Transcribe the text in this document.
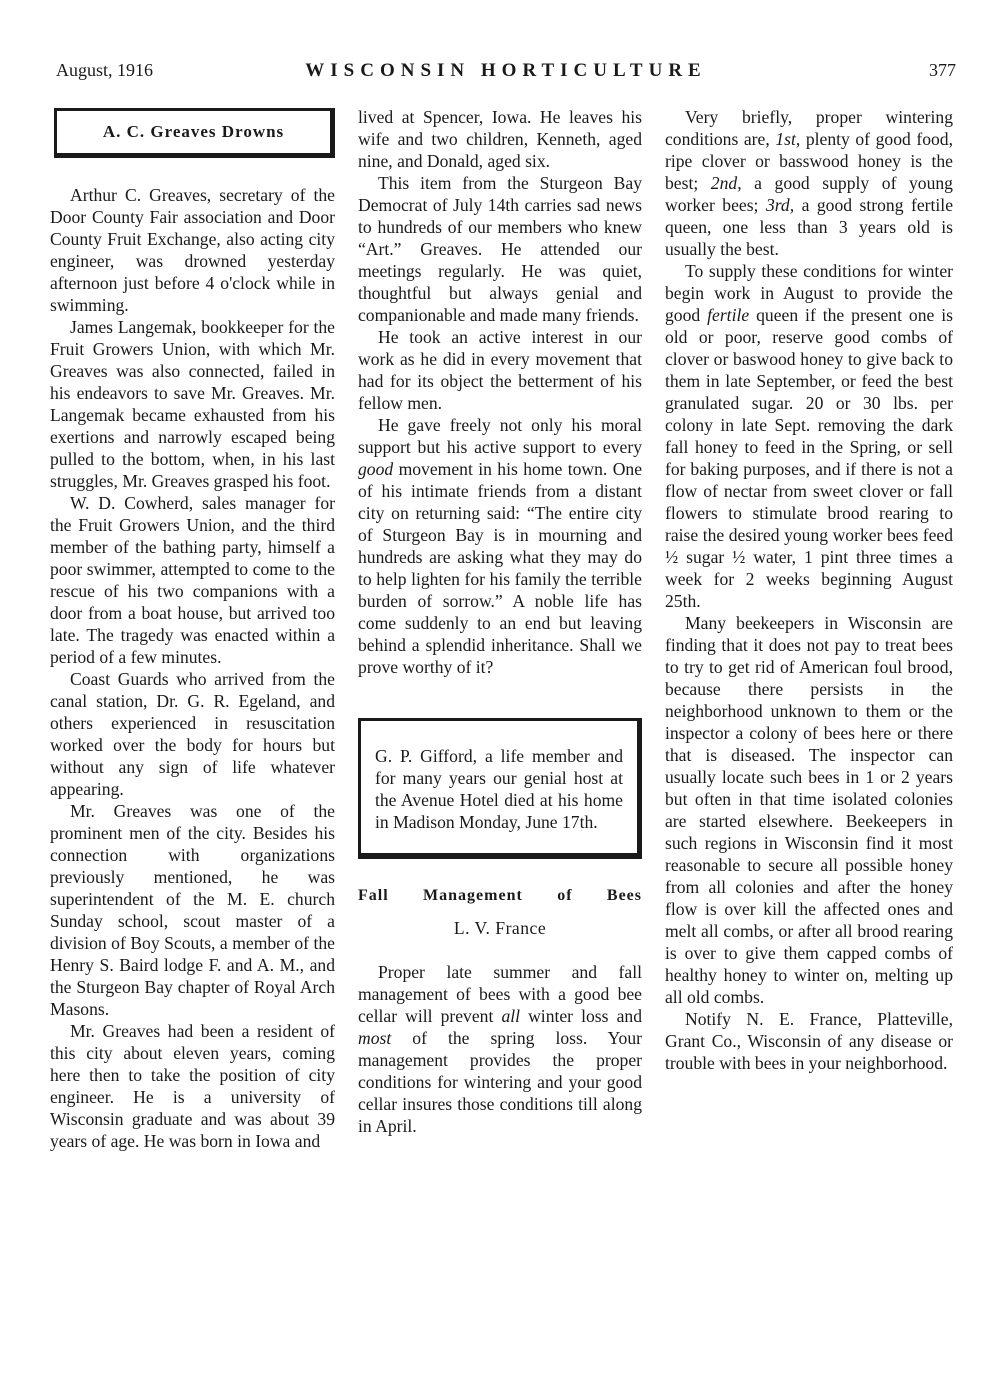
August, 1916	WISCONSIN HORTICULTURE	377
A. C. Greaves Drowns

Arthur C. Greaves, secretary of the Door County Fair association and Door County Fruit Exchange, also acting city engineer, was drowned yesterday afternoon just before 4 o'clock while in swimming.

James Langemak, bookkeeper for the Fruit Growers Union, with which Mr. Greaves was also connected, failed in his endeavors to save Mr. Greaves. Mr. Langemak became exhausted from his exertions and narrowly escaped being pulled to the bottom, when, in his last struggles, Mr. Greaves grasped his foot.

W. D. Cowherd, sales manager for the Fruit Growers Union, and the third member of the bathing party, himself a poor swimmer, attempted to come to the rescue of his two companions with a door from a boat house, but arrived too late. The tragedy was enacted within a period of a few minutes.

Coast Guards who arrived from the canal station, Dr. G. R. Egeland, and others experienced in resuscitation worked over the body for hours but without any sign of life whatever appearing.

Mr. Greaves was one of the prominent men of the city. Besides his connection with organizations previously mentioned, he was superintendent of the M. E. church Sunday school, scout master of a division of Boy Scouts, a member of the Henry S. Baird lodge F. and A. M., and the Sturgeon Bay chapter of Royal Arch Masons.

Mr. Greaves had been a resident of this city about eleven years, coming here then to take the position of city engineer. He is a university of Wisconsin graduate and was about 39 years of age. He was born in Iowa and

lived at Spencer, Iowa. He leaves his wife and two children, Kenneth, aged nine, and Donald, aged six.

This item from the Sturgeon Bay Democrat of July 14th carries sad news to hundreds of our members who knew “Art.” Greaves. He attended our meetings regularly. He was quiet, thoughtful but always genial and companionable and made many friends.

He took an active interest in our work as he did in every movement that had for its object the betterment of his fellow men.

He gave freely not only his moral support but his active support to every good movement in his home town. One of his intimate friends from a distant city on returning said: “The entire city of Sturgeon Bay is in mourning and hundreds are asking what they may do to help lighten for his family the terrible burden of sorrow.” A noble life has come suddenly to an end but leaving behind a splendid inheritance. Shall we prove worthy of it?

G. P. Gifford, a life member and for many years our genial host at the Avenue Hotel died at his home in Madison Monday, June 17th.

Fall Management of Bees
L. V. France

Proper late summer and fall management of bees with a good bee cellar will prevent all winter loss and most of the spring loss. Your management provides the proper conditions for wintering and your good cellar insures those conditions till along in April.

Very briefly, proper wintering conditions are, 1st, plenty of good food, ripe clover or basswood honey is the best; 2nd, a good supply of young worker bees; 3rd, a good strong fertile queen, one less than 3 years old is usually the best.

To supply these conditions for winter begin work in August to provide the good fertile queen if the present one is old or poor, reserve good combs of clover or baswood honey to give back to them in late September, or feed the best granulated sugar. 20 or 30 lbs. per colony in late Sept. removing the dark fall honey to feed in the Spring, or sell for baking purposes, and if there is not a flow of nectar from sweet clover or fall flowers to stimulate brood rearing to raise the desired young worker bees feed ½ sugar ½ water, 1 pint three times a week for 2 weeks beginning August 25th.

Many beekeepers in Wisconsin are finding that it does not pay to treat bees to try to get rid of American foul brood, because there persists in the neighborhood unknown to them or the inspector a colony of bees here or there that is diseased. The inspector can usually locate such bees in 1 or 2 years but often in that time isolated colonies are started elsewhere. Beekeepers in such regions in Wisconsin find it most reasonable to secure all possible honey from all colonies and after the honey flow is over kill the affected ones and melt all combs, or after all brood rearing is over to give them capped combs of healthy honey to winter on, melting up all old combs.

Notify N. E. France, Platteville, Grant Co., Wisconsin of any disease or trouble with bees in your neighborhood.
